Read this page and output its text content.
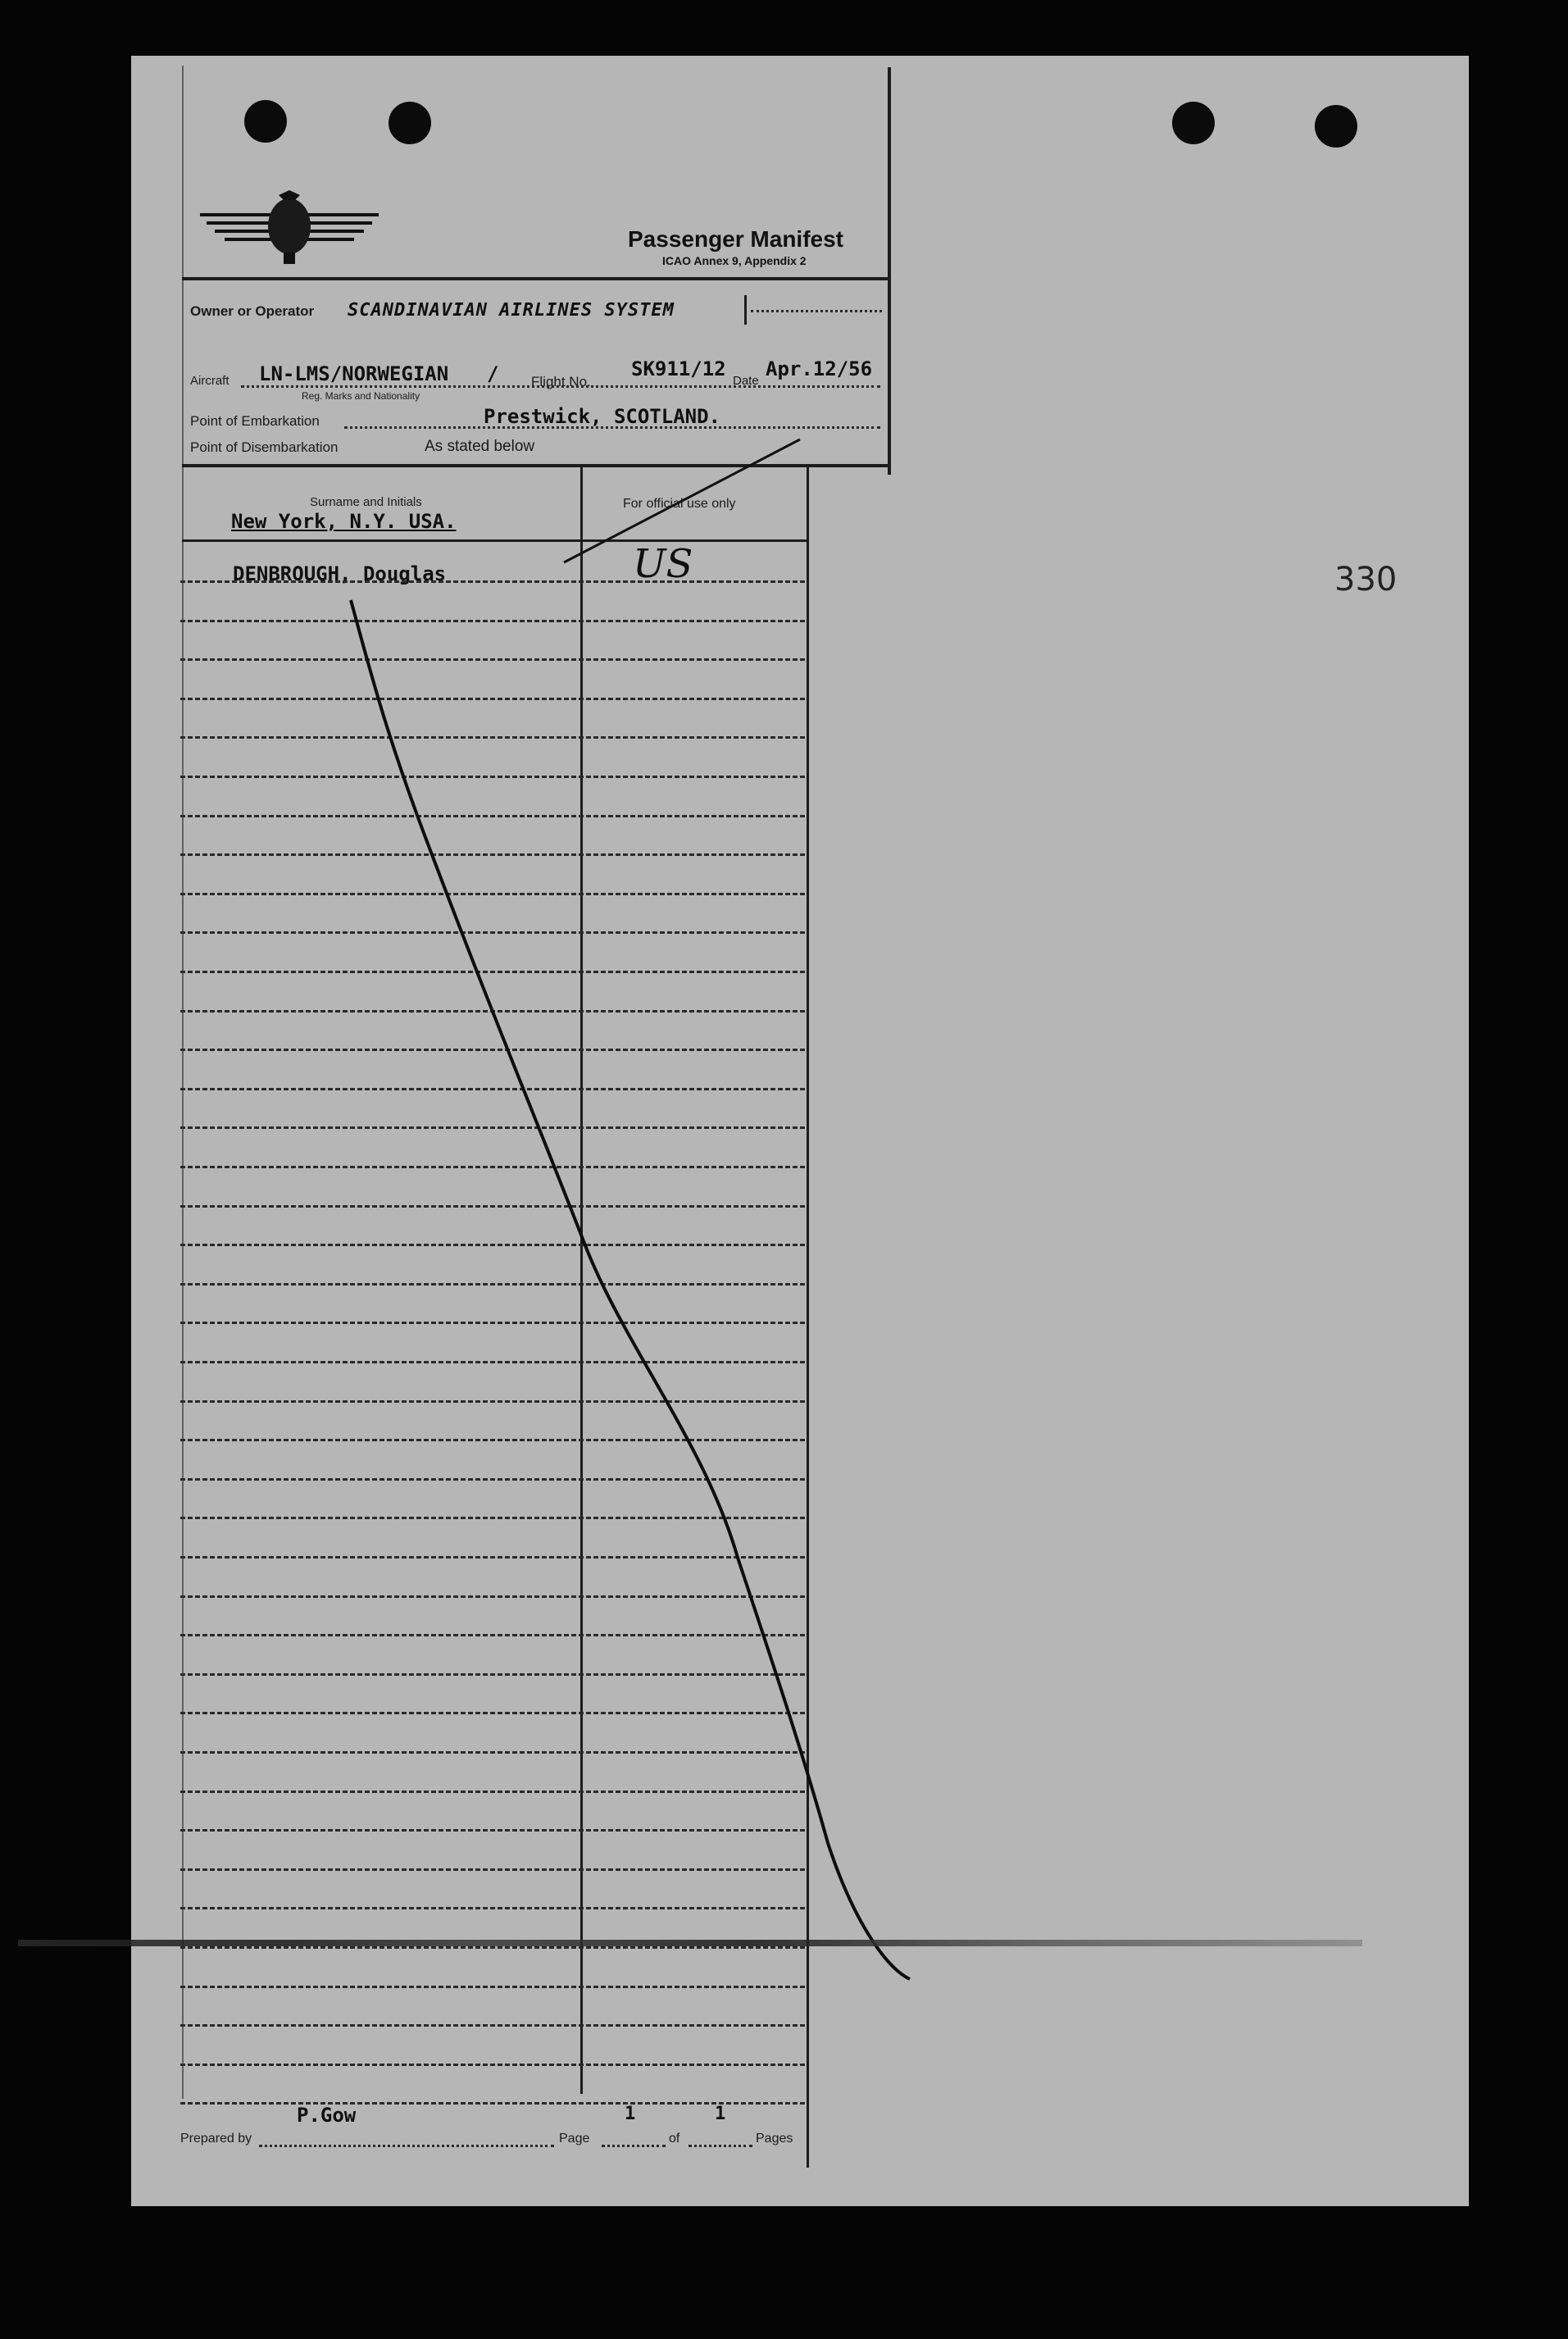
Passenger Manifest
ICAO Annex 9, Appendix 2
Owner or Operator SCANDINAVIAN AIRLINES SYSTEM
Aircraft LN-LMS/NORWEGIAN /
Reg. Marks and Nationality
Flight No.
SK911/12
Date
Apr.12/56
Point of Embarkation	Prestwick, SCOTLAND.
Point of Disembarkation	As stated below
Surname and Initials	For official use only
New York, N.Y. USA.
DENBROUGH, Douglas	US
P.Gow	1	1
Prepared by	Page	of	Pages
330
